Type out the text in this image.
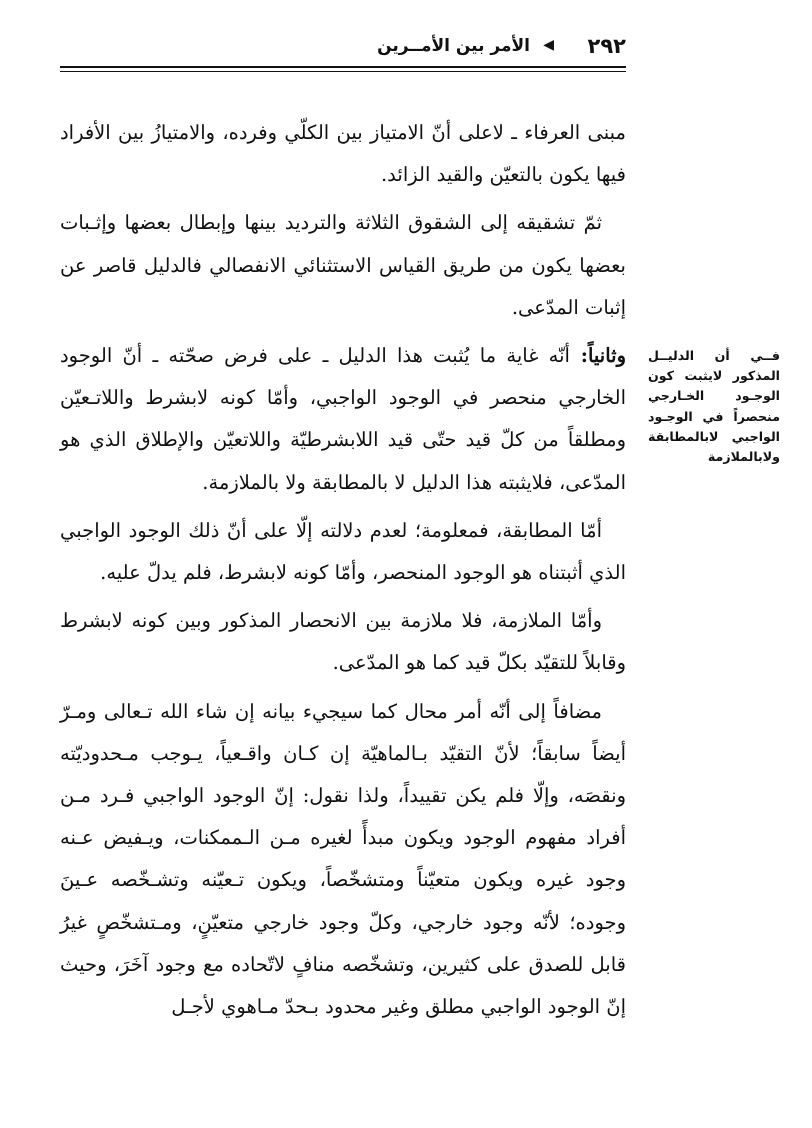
٢٩٢
◀
الأمر بين الأمــرين
فــي أن الدليــل المذكور لايثبت كون الوجـود الخـارجي منحصراً في الوجـود الواجبي لابالمطابقة ولابالملازمة

مبنى العرفاء ـ لاعلى أنّ الامتياز بين الكلّي وفرده، والامتيازُ بين الأفراد فيها يكون بالتعيّن والقيد الزائد.

ثمّ تشقيقه إلى الشقوق الثلاثة والترديد بينها وإبطال بعضها وإثـبات بعضها يكون من طريق القياس الاستثنائي الانفصالي فالدليل قاصر عن إثبات المدّعى.

وثانياً: أنّه غاية ما يُثبت هذا الدليل ـ على فرض صحّته ـ أنّ الوجود الخارجي منحصر في الوجود الواجبي، وأمّا كونه لابشرط واللاتـعيّن ومطلقاً من كلّ قيد حتّى قيد اللابشرطيّة واللاتعيّن والإطلاق الذي هو المدّعى، فلايثبته هذا الدليل لا بالمطابقة ولا بالملازمة.

أمّا المطابقة، فمعلومة؛ لعدم دلالته إلّا على أنّ ذلك الوجود الواجبي الذي أثبتناه هو الوجود المنحصر، وأمّا كونه لابشرط، فلم يدلّ عليه.

وأمّا الملازمة، فلا ملازمة بين الانحصار المذكور وبين كونه لابشرط وقابلاً للتقيّد بكلّ قيد كما هو المدّعى.

مضافاً إلى أنّه أمر محال كما سيجيء بيانه إن شاء الله تـعالى ومـرّ أيضاً سابقاً؛ لأنّ التقيّد بـالماهيّة إن كـان واقـعياً، يـوجب مـحدوديّته ونقصَه، وإلّا فلم يكن تقييداً، ولذا نقول: إنّ الوجود الواجبي فـرد مـن أفراد مفهوم الوجود ويكون مبدأً لغيره مـن الـممكنات، ويـفيض عـنه وجود غيره ويكون متعيّناً ومتشخّصاً، ويكون تـعيّنه وتشـخّصه عـينَ وجوده؛ لأنّه وجود خارجي، وكلّ وجود خارجي متعيّنٍ، ومـتشخّصٍ غيرُ قابل للصدق على كثيرين، وتشخّصه منافٍ لاتّحاده مع وجود آخَرَ، وحيث إنّ الوجود الواجبي مطلق وغير محدود بـحدّ مـاهوي لأجـل
